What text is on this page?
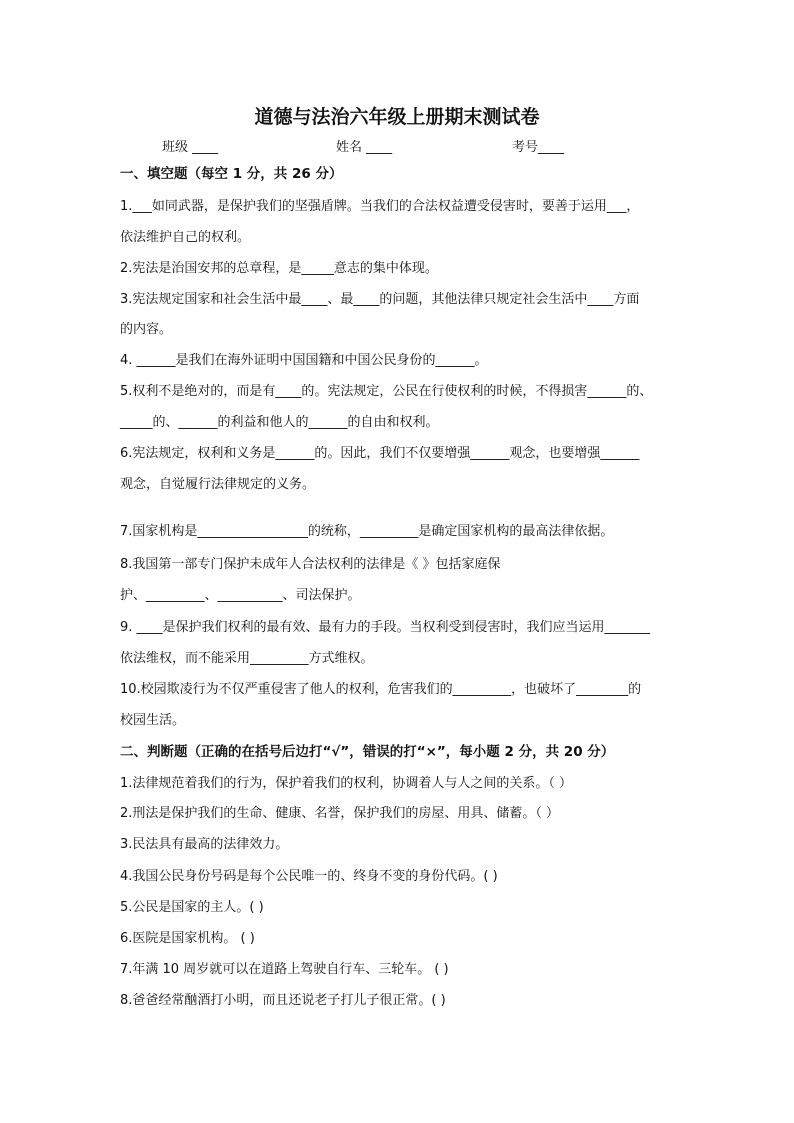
道德与法治六年级上册期末测试卷
班级 ____	姓名 ____	考号____
一、填空题（每空 1 分，共 26 分）
1.___如同武器，是保护我们的坚强盾牌。当我们的合法权益遭受侵害时，要善于运用___，
依法维护自己的权利。
2.宪法是治国安邦的总章程，是_____意志的集中体现。
3.宪法规定国家和社会生活中最____、最____的问题，其他法律只规定社会生活中____方面
的内容。
4. ______是我们在海外证明中国国籍和中国公民身份的______。
5.权利不是绝对的，而是有____的。宪法规定，公民在行使权利的时候，不得损害______的、
_____的、______的利益和他人的______的自由和权利。
6.宪法规定，权利和义务是______的。因此，我们不仅要增强______观念，也要增强______
观念，自觉履行法律规定的义务。
7.国家机构是_________________的统称，_________是确定国家机构的最高法律依据。
8.我国第一部专门保护未成年人合法权利的法律是《 》包括家庭保
护、_________、__________、司法保护。
9. ____是保护我们权利的最有效、最有力的手段。当权利受到侵害时，我们应当运用_______
依法维权，而不能采用_________方式维权。
10.校园欺凌行为不仅严重侵害了他人的权利，危害我们的_________，也破坏了________的
校园生活。
二、判断题（正确的在括号后边打“√”，错误的打“×”，每小题 2 分，共 20 分）
1.法律规范着我们的行为，保护着我们的权利，协调着人与人之间的关系。（ ）
2.刑法是保护我们的生命、健康、名誉，保护我们的房屋、用具、储蓄。（ ）
3.民法具有最高的法律效力。
4.我国公民身份号码是每个公民唯一的、终身不变的身份代码。( )
5.公民是国家的主人。( )
6.医院是国家机构。 ( )
7.年满 10 周岁就可以在道路上驾驶自行车、三轮车。 ( )
8.爸爸经常酗酒打小明，而且还说老子打儿子很正常。( )
